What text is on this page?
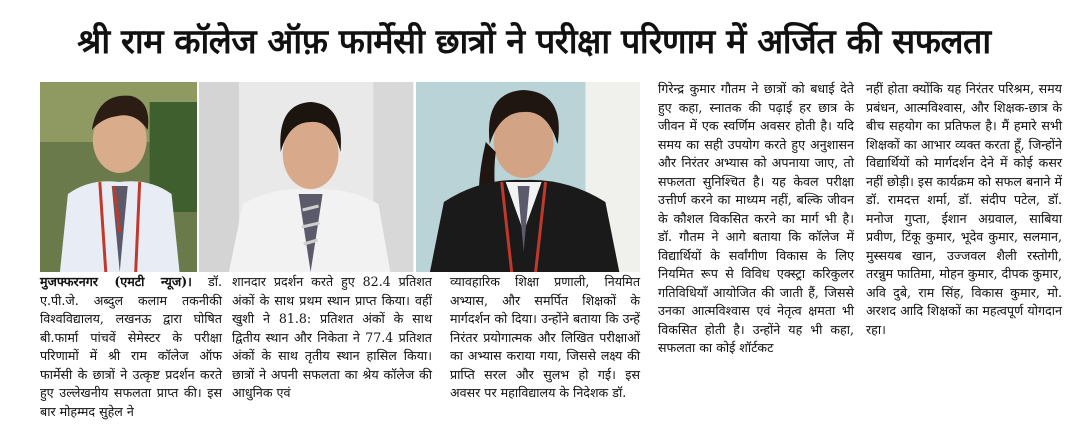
श्री राम कॉलेज ऑफ़ फार्मेसी छात्रों ने परीक्षा परिणाम में अर्जित की सफलता
मुजफ्फरनगर (एमटी न्यूज)। डॉ. ए.पी.जे. अब्दुल कलाम तकनीकी विश्वविद्यालय, लखनऊ द्वारा घोषित बी.फार्मा पांचवें सेमेस्टर के परीक्षा परिणामों में श्री राम कॉलेज ऑफ फार्मेसी के छात्रों ने उत्कृष्ट प्रदर्शन करते हुए उल्लेखनीय सफलता प्राप्त की। इस बार मोहम्मद सुहेल ने
शानदार प्रदर्शन करते हुए 82.4 प्रतिशत अंकों के साथ प्रथम स्थान प्राप्त किया। वहीं खुशी ने 81.8: प्रतिशत अंकों के साथ द्वितीय स्थान और निकेता ने 77.4 प्रतिशत अंकों के साथ तृतीय स्थान हासिल किया। छात्रों ने अपनी सफलता का श्रेय कॉलेज की आधुनिक एवं
व्यावहारिक शिक्षा प्रणाली, नियमित अभ्यास, और समर्पित शिक्षकों के मार्गदर्शन को दिया। उन्होंने बताया कि उन्हें निरंतर प्रयोगात्मक और लिखित परीक्षाओं का अभ्यास कराया गया, जिससे लक्ष्य की प्राप्ति सरल और सुलभ हो गई। इस अवसर पर महाविद्यालय के निदेशक डॉ.
गिरेन्द्र कुमार गौतम ने छात्रों को बधाई देते हुए कहा, स्नातक की पढ़ाई हर छात्र के जीवन में एक स्वर्णिम अवसर होती है। यदि समय का सही उपयोग करते हुए अनुशासन और निरंतर अभ्यास को अपनाया जाए, तो सफलता सुनिश्चित है। यह केवल परीक्षा उत्तीर्ण करने का माध्यम नहीं, बल्कि जीवन के कौशल विकसित करने का मार्ग भी है। डॉ. गौतम ने आगे बताया कि कॉलेज में विद्यार्थियों के सर्वांगीण विकास के लिए नियमित रूप से विविध एक्स्ट्रा करिकुलर गतिविधियाँ आयोजित की जाती हैं, जिससे उनका आत्मविश्वास एवं नेतृत्व क्षमता भी विकसित होती है। उन्होंने यह भी कहा, सफलता का कोई शॉर्टकट
नहीं होता क्योंकि यह निरंतर परिश्रम, समय प्रबंधन, आत्मविश्वास, और शिक्षक-छात्र के बीच सहयोग का प्रतिफल है। मैं हमारे सभी शिक्षकों का आभार व्यक्त करता हूँ, जिन्होंने विद्यार्थियों को मार्गदर्शन देने में कोई कसर नहीं छोड़ी। इस कार्यक्रम को सफल बनाने में डॉ. रामदत्त शर्मा, डॉ. संदीप पटेल, डॉ. मनोज गुप्ता, ईशान अग्रवाल, साबिया प्रवीण, टिंकू कुमार, भूदेव कुमार, सलमान, मुस्सयब खान, उज्जवल शैली रस्तोगी, तरन्नुम फातिमा, मोहन कुमार, दीपक कुमार, अवि दुबे, राम सिंह, विकास कुमार, मो. अरशद आदि शिक्षकों का महत्वपूर्ण योगदान रहा।
